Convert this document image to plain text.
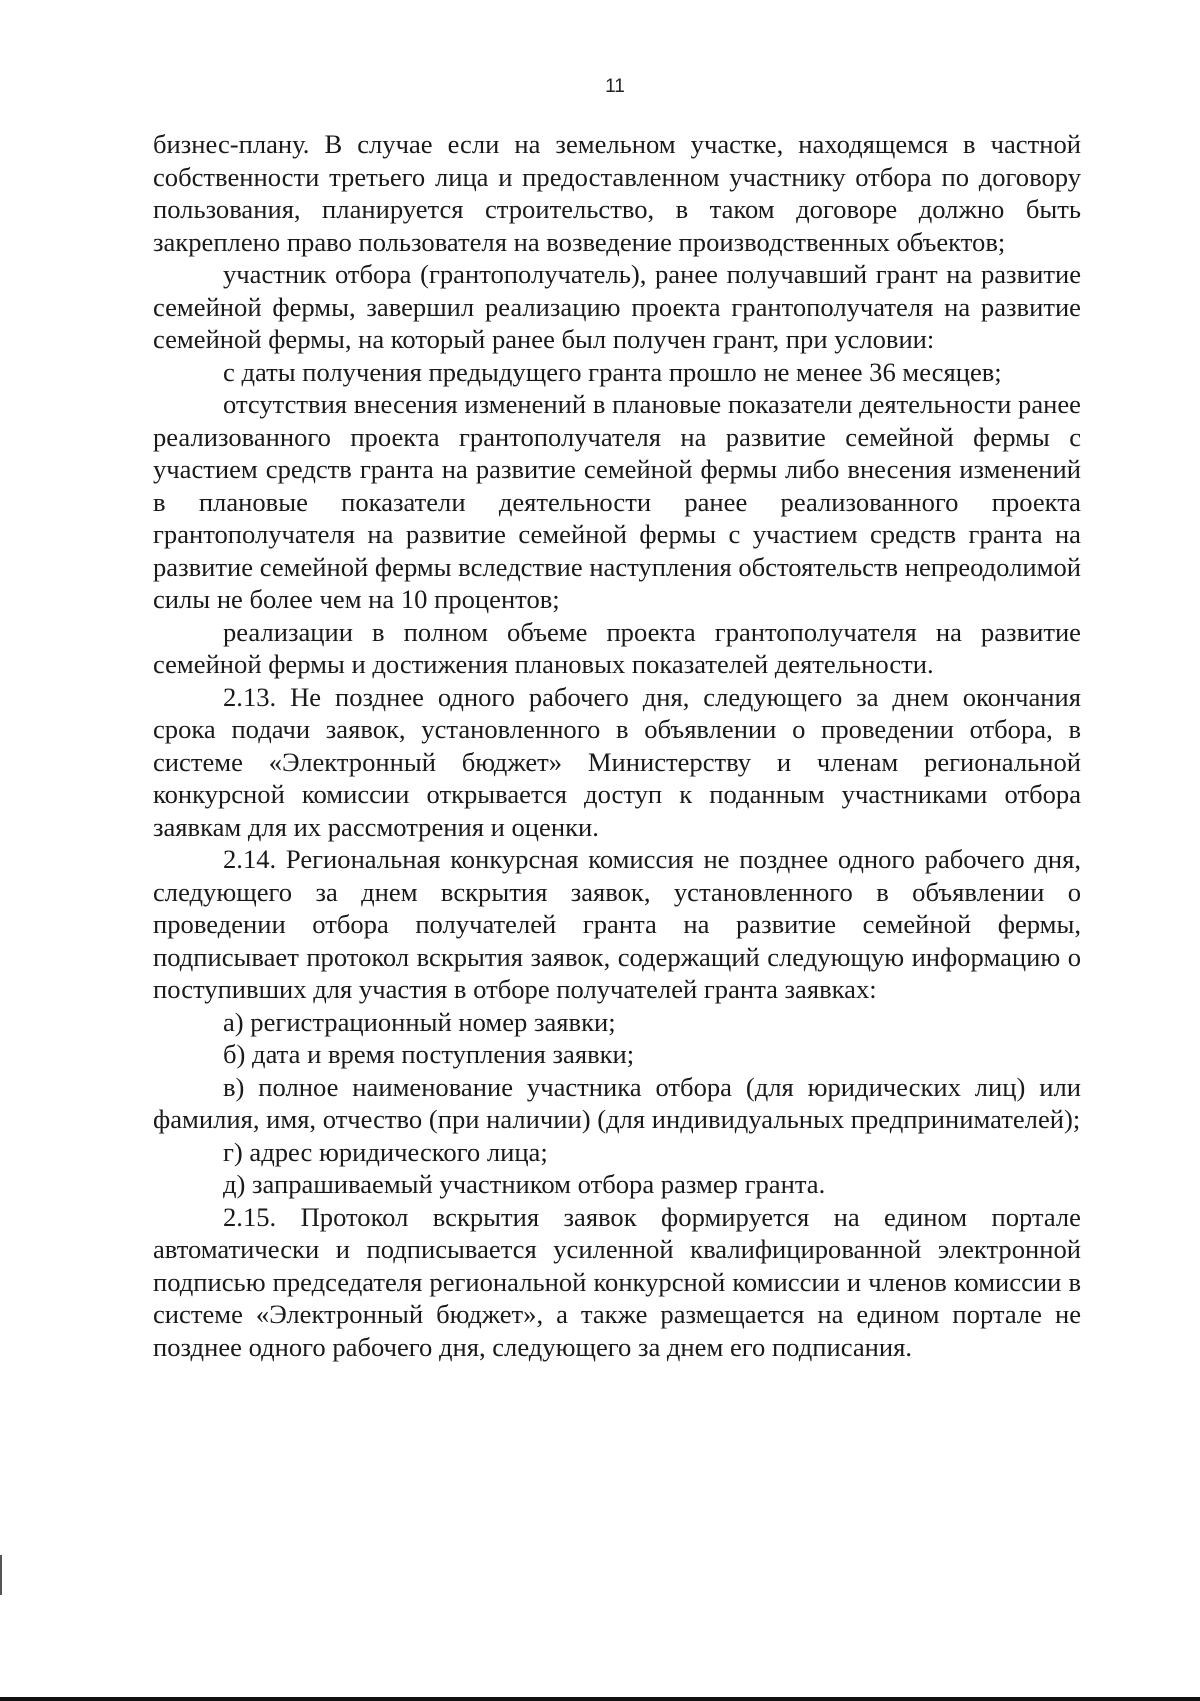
11

бизнес-плану. В случае если на земельном участке, находящемся в частной собственности третьего лица и предоставленном участнику отбора по договору пользования, планируется строительство, в таком договоре должно быть закреплено право пользователя на возведение производственных объектов;

участник отбора (грантополучатель), ранее получавший грант на развитие семейной фермы, завершил реализацию проекта грантополучателя на развитие семейной фермы, на который ранее был получен грант, при условии:

с даты получения предыдущего гранта прошло не менее 36 месяцев;

отсутствия внесения изменений в плановые показатели деятельности ранее реализованного проекта грантополучателя на развитие семейной фермы с участием средств гранта на развитие семейной фермы либо внесения изменений в плановые показатели деятельности ранее реализованного проекта грантополучателя на развитие семейной фермы с участием средств гранта на развитие семейной фермы вследствие наступления обстоятельств непреодолимой силы не более чем на 10 процентов;

реализации в полном объеме проекта грантополучателя на развитие семейной фермы и достижения плановых показателей деятельности.

2.13. Не позднее одного рабочего дня, следующего за днем окончания срока подачи заявок, установленного в объявлении о проведении отбора, в системе «Электронный бюджет» Министерству и членам региональной конкурсной комиссии открывается доступ к поданным участниками отбора заявкам для их рассмотрения и оценки.

2.14. Региональная конкурсная комиссия не позднее одного рабочего дня, следующего за днем вскрытия заявок, установленного в объявлении о проведении отбора получателей гранта на развитие семейной фермы, подписывает протокол вскрытия заявок, содержащий следующую информацию о поступивших для участия в отборе получателей гранта заявках:

а) регистрационный номер заявки;

б) дата и время поступления заявки;

в) полное наименование участника отбора (для юридических лиц) или фамилия, имя, отчество (при наличии) (для индивидуальных предпринимателей);

г) адрес юридического лица;

д) запрашиваемый участником отбора размер гранта.

2.15. Протокол вскрытия заявок формируется на едином портале автоматически и подписывается усиленной квалифицированной электронной подписью председателя региональной конкурсной комиссии и членов комиссии в системе «Электронный бюджет», а также размещается на едином портале не позднее одного рабочего дня, следующего за днем его подписания.
